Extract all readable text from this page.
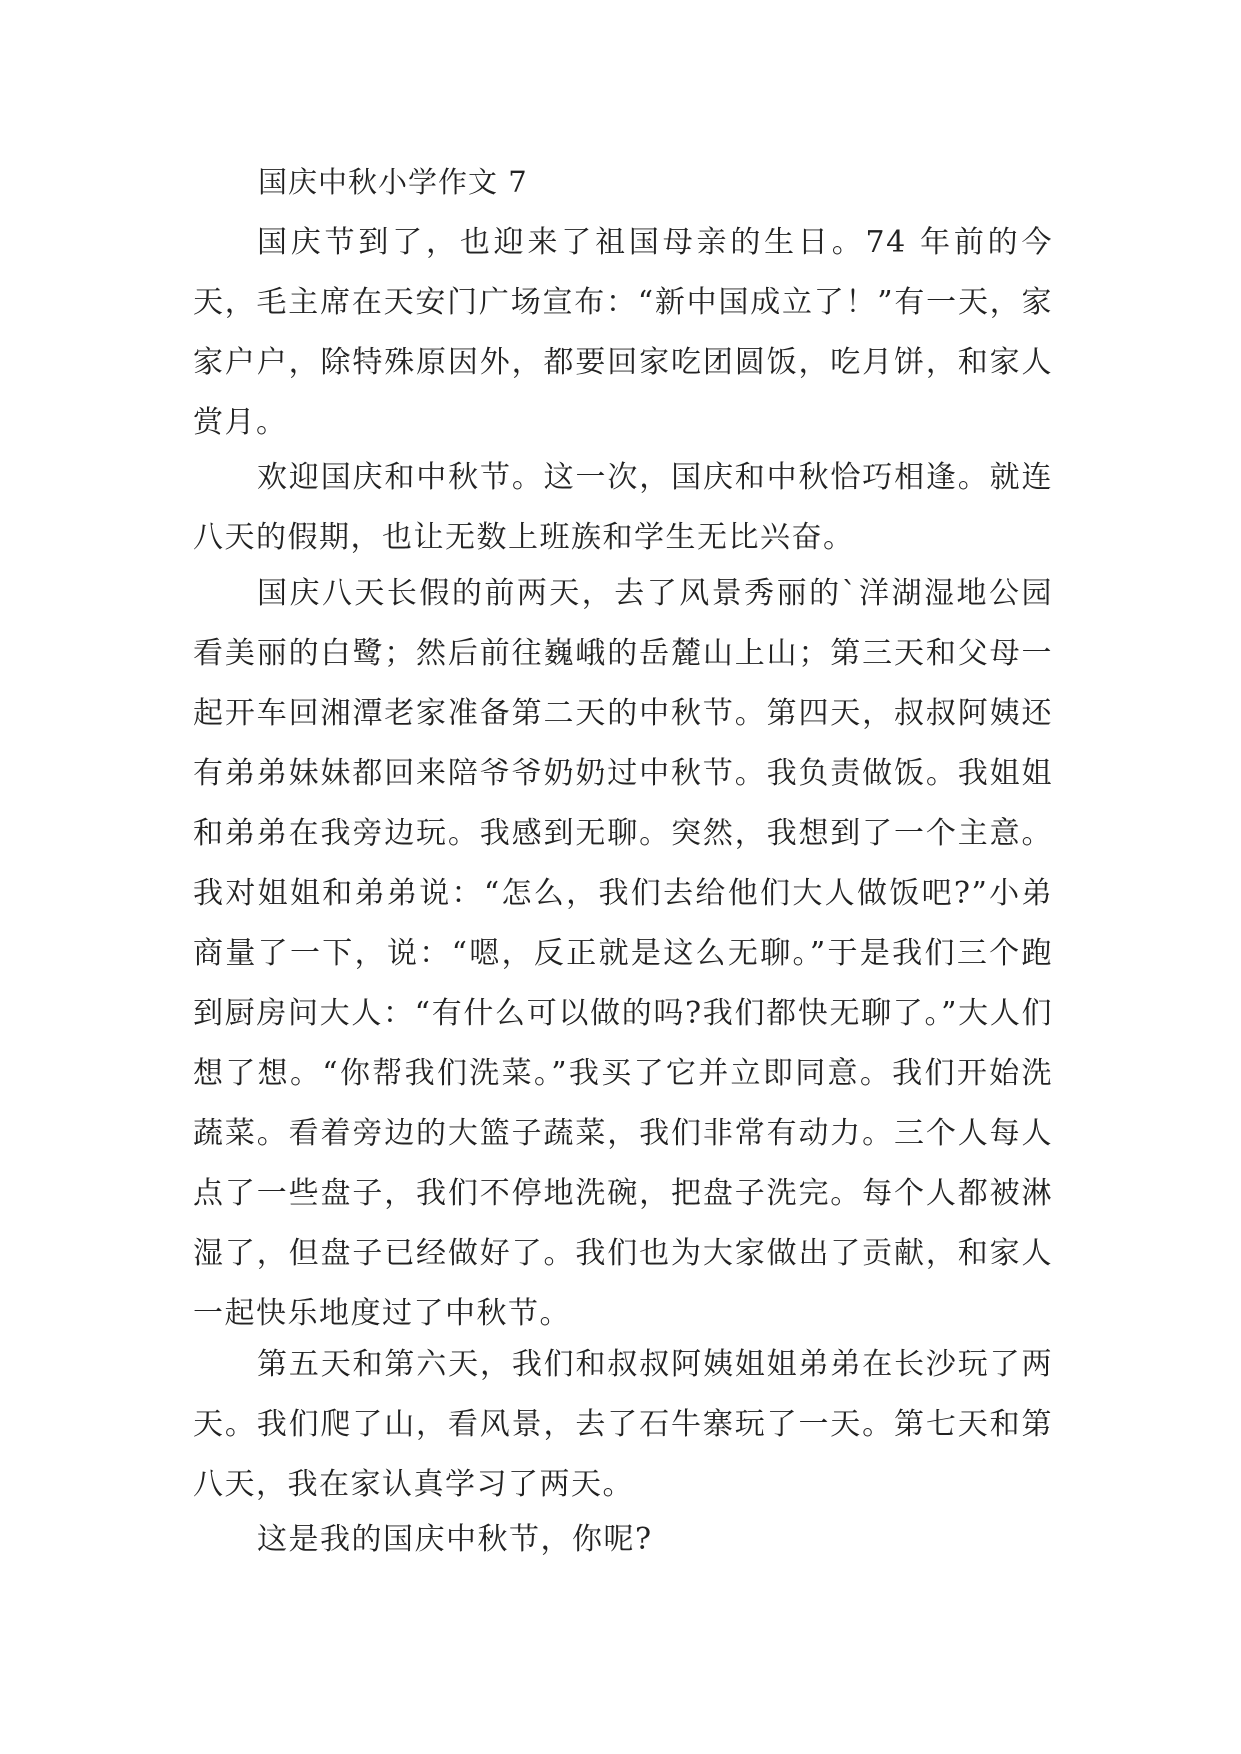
国庆中秋小学作文 7

国庆节到了，也迎来了祖国母亲的生日。74 年前的今天，毛主席在天安门广场宣布：“新中国成立了！”有一天，家家户户，除特殊原因外，都要回家吃团圆饭，吃月饼，和家人赏月。

欢迎国庆和中秋节。这一次，国庆和中秋恰巧相逢。就连八天的假期，也让无数上班族和学生无比兴奋。

国庆八天长假的前两天，去了风景秀丽的`洋湖湿地公园看美丽的白鹭；然后前往巍峨的岳麓山上山；第三天和父母一起开车回湘潭老家准备第二天的中秋节。第四天，叔叔阿姨还有弟弟妹妹都回来陪爷爷奶奶过中秋节。我负责做饭。我姐姐和弟弟在我旁边玩。我感到无聊。突然，我想到了一个主意。我对姐姐和弟弟说：“怎么，我们去给他们大人做饭吧?”小弟商量了一下，说：“嗯，反正就是这么无聊。”于是我们三个跑到厨房问大人：“有什么可以做的吗?我们都快无聊了。”大人们想了想。“你帮我们洗菜。”我买了它并立即同意。我们开始洗蔬菜。看着旁边的大篮子蔬菜，我们非常有动力。三个人每人点了一些盘子，我们不停地洗碗，把盘子洗完。每个人都被淋湿了，但盘子已经做好了。我们也为大家做出了贡献，和家人一起快乐地度过了中秋节。

第五天和第六天，我们和叔叔阿姨姐姐弟弟在长沙玩了两天。我们爬了山，看风景，去了石牛寨玩了一天。第七天和第八天，我在家认真学习了两天。

这是我的国庆中秋节，你呢?
